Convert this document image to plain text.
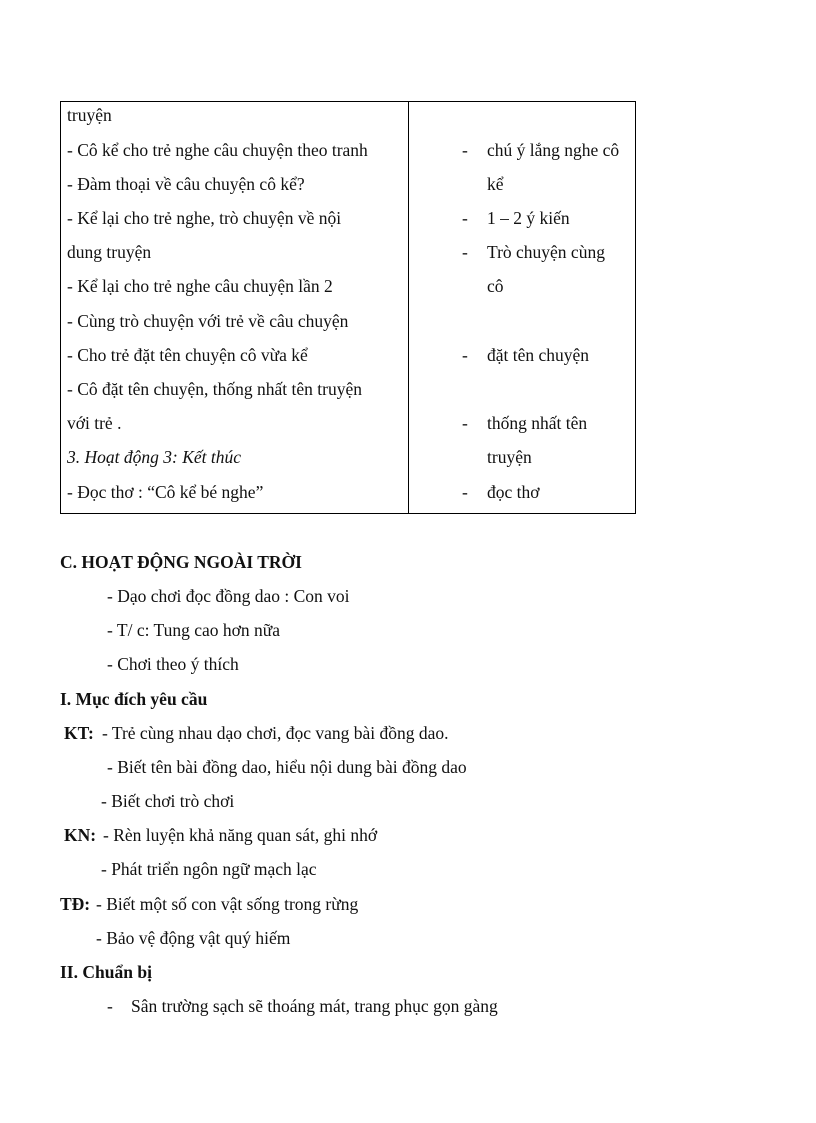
truyện
- Cô kể cho trẻ nghe câu chuyện theo tranh
- Đàm thoại về câu chuyện cô kể?
- Kể lại cho trẻ nghe, trò chuyện về nội
dung truyện
- Kể lại cho trẻ nghe câu chuyện lần 2
- Cùng trò chuyện với trẻ về câu chuyện
- Cho trẻ đặt tên chuyện cô vừa kể
- Cô đặt tên chuyện, thống nhất tên truyện
với trẻ .
3. Hoạt động 3: Kết thúc
- Đọc thơ : “Cô kể bé nghe”
- chú ý lắng nghe cô
kể
- 1 – 2 ý kiến
- Trò chuyện cùng
cô
- đặt tên chuyện
- thống nhất tên
truyện
- đọc thơ
C. HOẠT ĐỘNG NGOÀI TRỜI
- Dạo chơi đọc đồng dao : Con voi
- T/ c: Tung cao hơn nữa
- Chơi theo ý thích
I. Mục đích yêu cầu
KT: - Trẻ cùng nhau dạo chơi, đọc vang bài đồng dao.
- Biết tên bài đồng dao, hiểu nội dung bài đồng dao
- Biết chơi trò chơi
KN: - Rèn luyện khả năng quan sát, ghi nhớ
- Phát triển ngôn ngữ mạch lạc
TĐ: - Biết một số con vật sống trong rừng
- Bảo vệ động vật quý hiếm
II. Chuẩn bị
- Sân trường sạch sẽ thoáng mát, trang phục gọn gàng
